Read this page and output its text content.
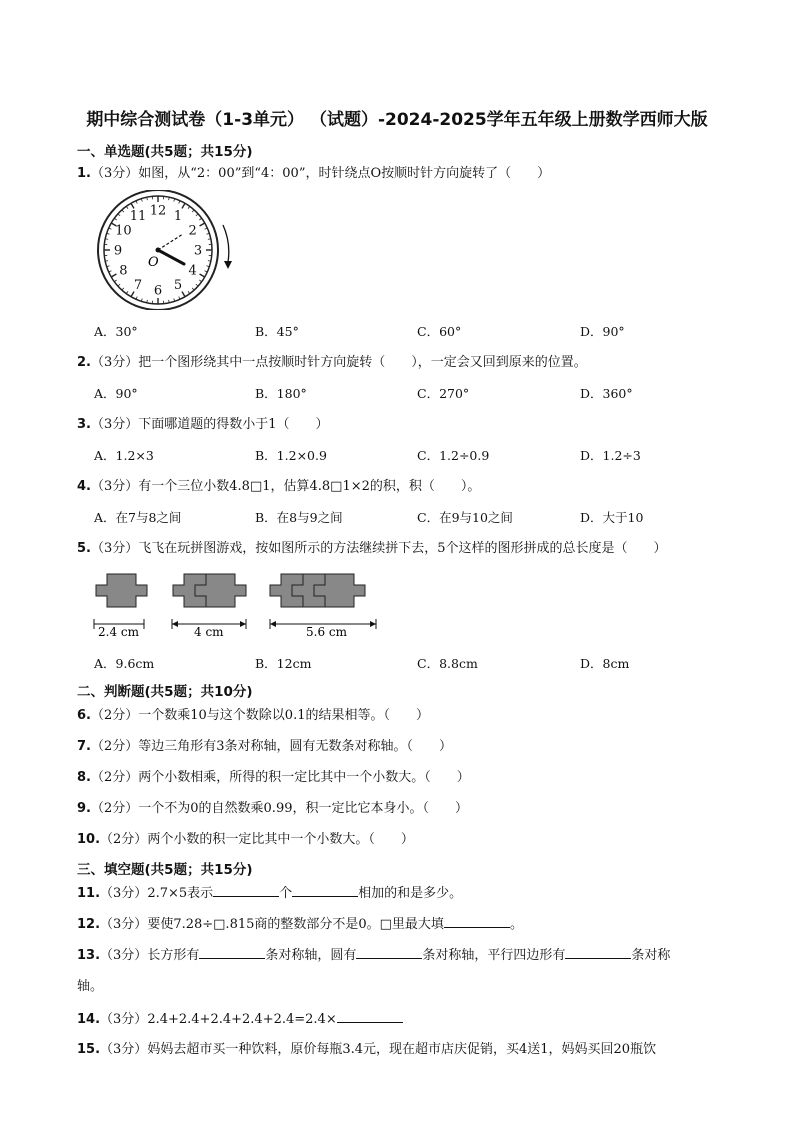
期中综合测试卷（1-3单元） （试题）-2024-2025学年五年级上册数学西师大版
一、单选题(共5题；共15分)
1.（3分）如图，从“2：00”到“4：00”，时针绕点O按顺时针方向旋转了（　　）
12 1
2
3
4
5
6
7
8
9
10
11
O
A．30°	B．45°	C．60°	D．90°
2.（3分）把一个图形绕其中一点按顺时针方向旋转（　　），一定会又回到原来的位置。
A．90°	B．180°	C．270°	D．360°
3.（3分）下面哪道题的得数小于1（　　）
A．1.2×3	B．1.2×0.9	C．1.2÷0.9	D．1.2÷3
4.（3分）有一个三位小数4.8□1，估算4.8□1×2的积，积（　　）。
A．在7与8之间	B．在8与9之间	C．在9与10之间	D．大于10
5.（3分）飞飞在玩拼图游戏，按如图所示的方法继续拼下去，5个这样的图形拼成的总长度是（　　）
2.4 cm	4 cm	5.6 cm
A．9.6cm	B．12cm	C．8.8cm	D．8cm
二、判断题(共5题；共10分)
6.（2分）一个数乘10与这个数除以0.1的结果相等。（　　）
7.（2分）等边三角形有3条对称轴，圆有无数条对称轴。（　　）
8.（2分）两个小数相乘，所得的积一定比其中一个小数大。（　　）
9.（2分）一个不为0的自然数乘0.99，积一定比它本身小。（　　）
10.（2分）两个小数的积一定比其中一个小数大。（　　）
三、填空题(共5题；共15分)
11.（3分）2.7×5表示	个	相加的和是多少。
12.（3分）要使7.28÷□.815商的整数部分不是0。□里最大填	。
13.（3分）长方形有	条对称轴，圆有	条对称轴，平行四边形有	条对称
轴。
14.（3分）2.4+2.4+2.4+2.4+2.4=2.4×
15.（3分）妈妈去超市买一种饮料，原价每瓶3.4元，现在超市店庆促销，买4送1，妈妈买回20瓶饮
